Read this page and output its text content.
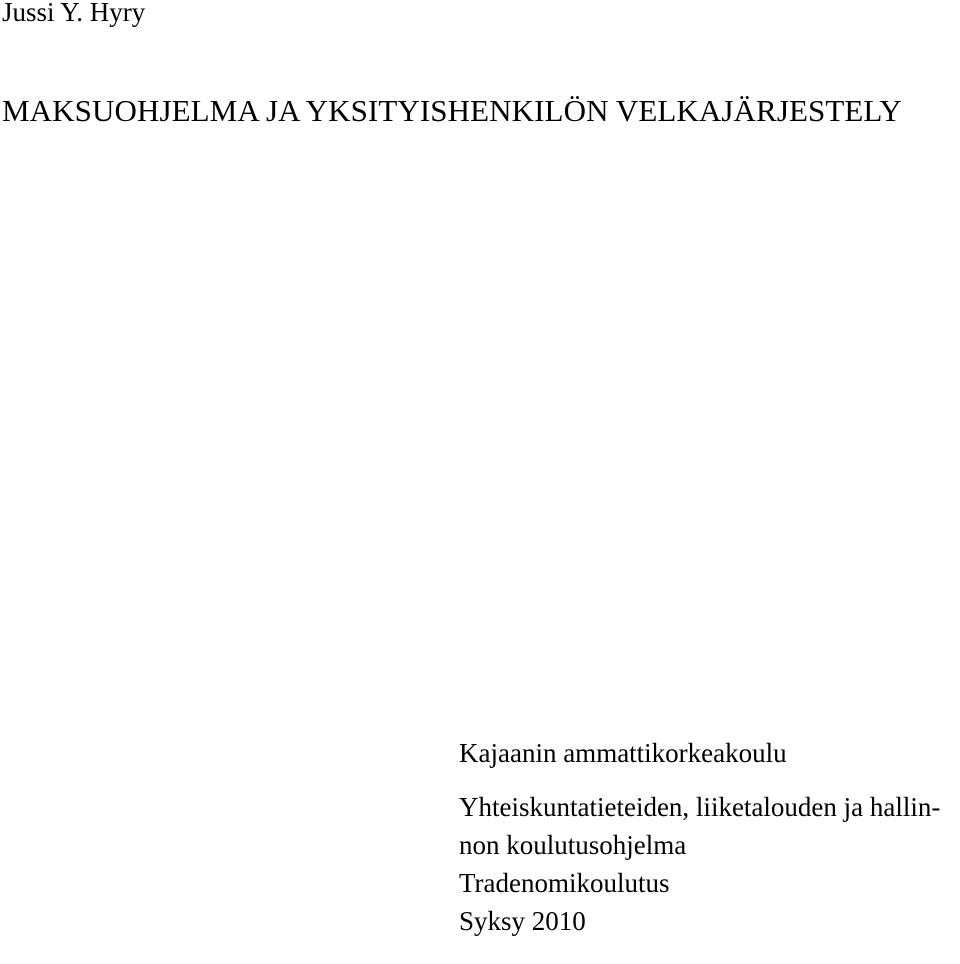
Jussi Y. Hyry
MAKSUOHJELMA JA YKSITYISHENKILÖN VELKAJÄRJESTELY
Kajaanin ammattikorkeakoulu
Yhteiskuntatieteiden, liiketalouden ja hallin-
non koulutusohjelma
Tradenomikoulutus
Syksy 2010
